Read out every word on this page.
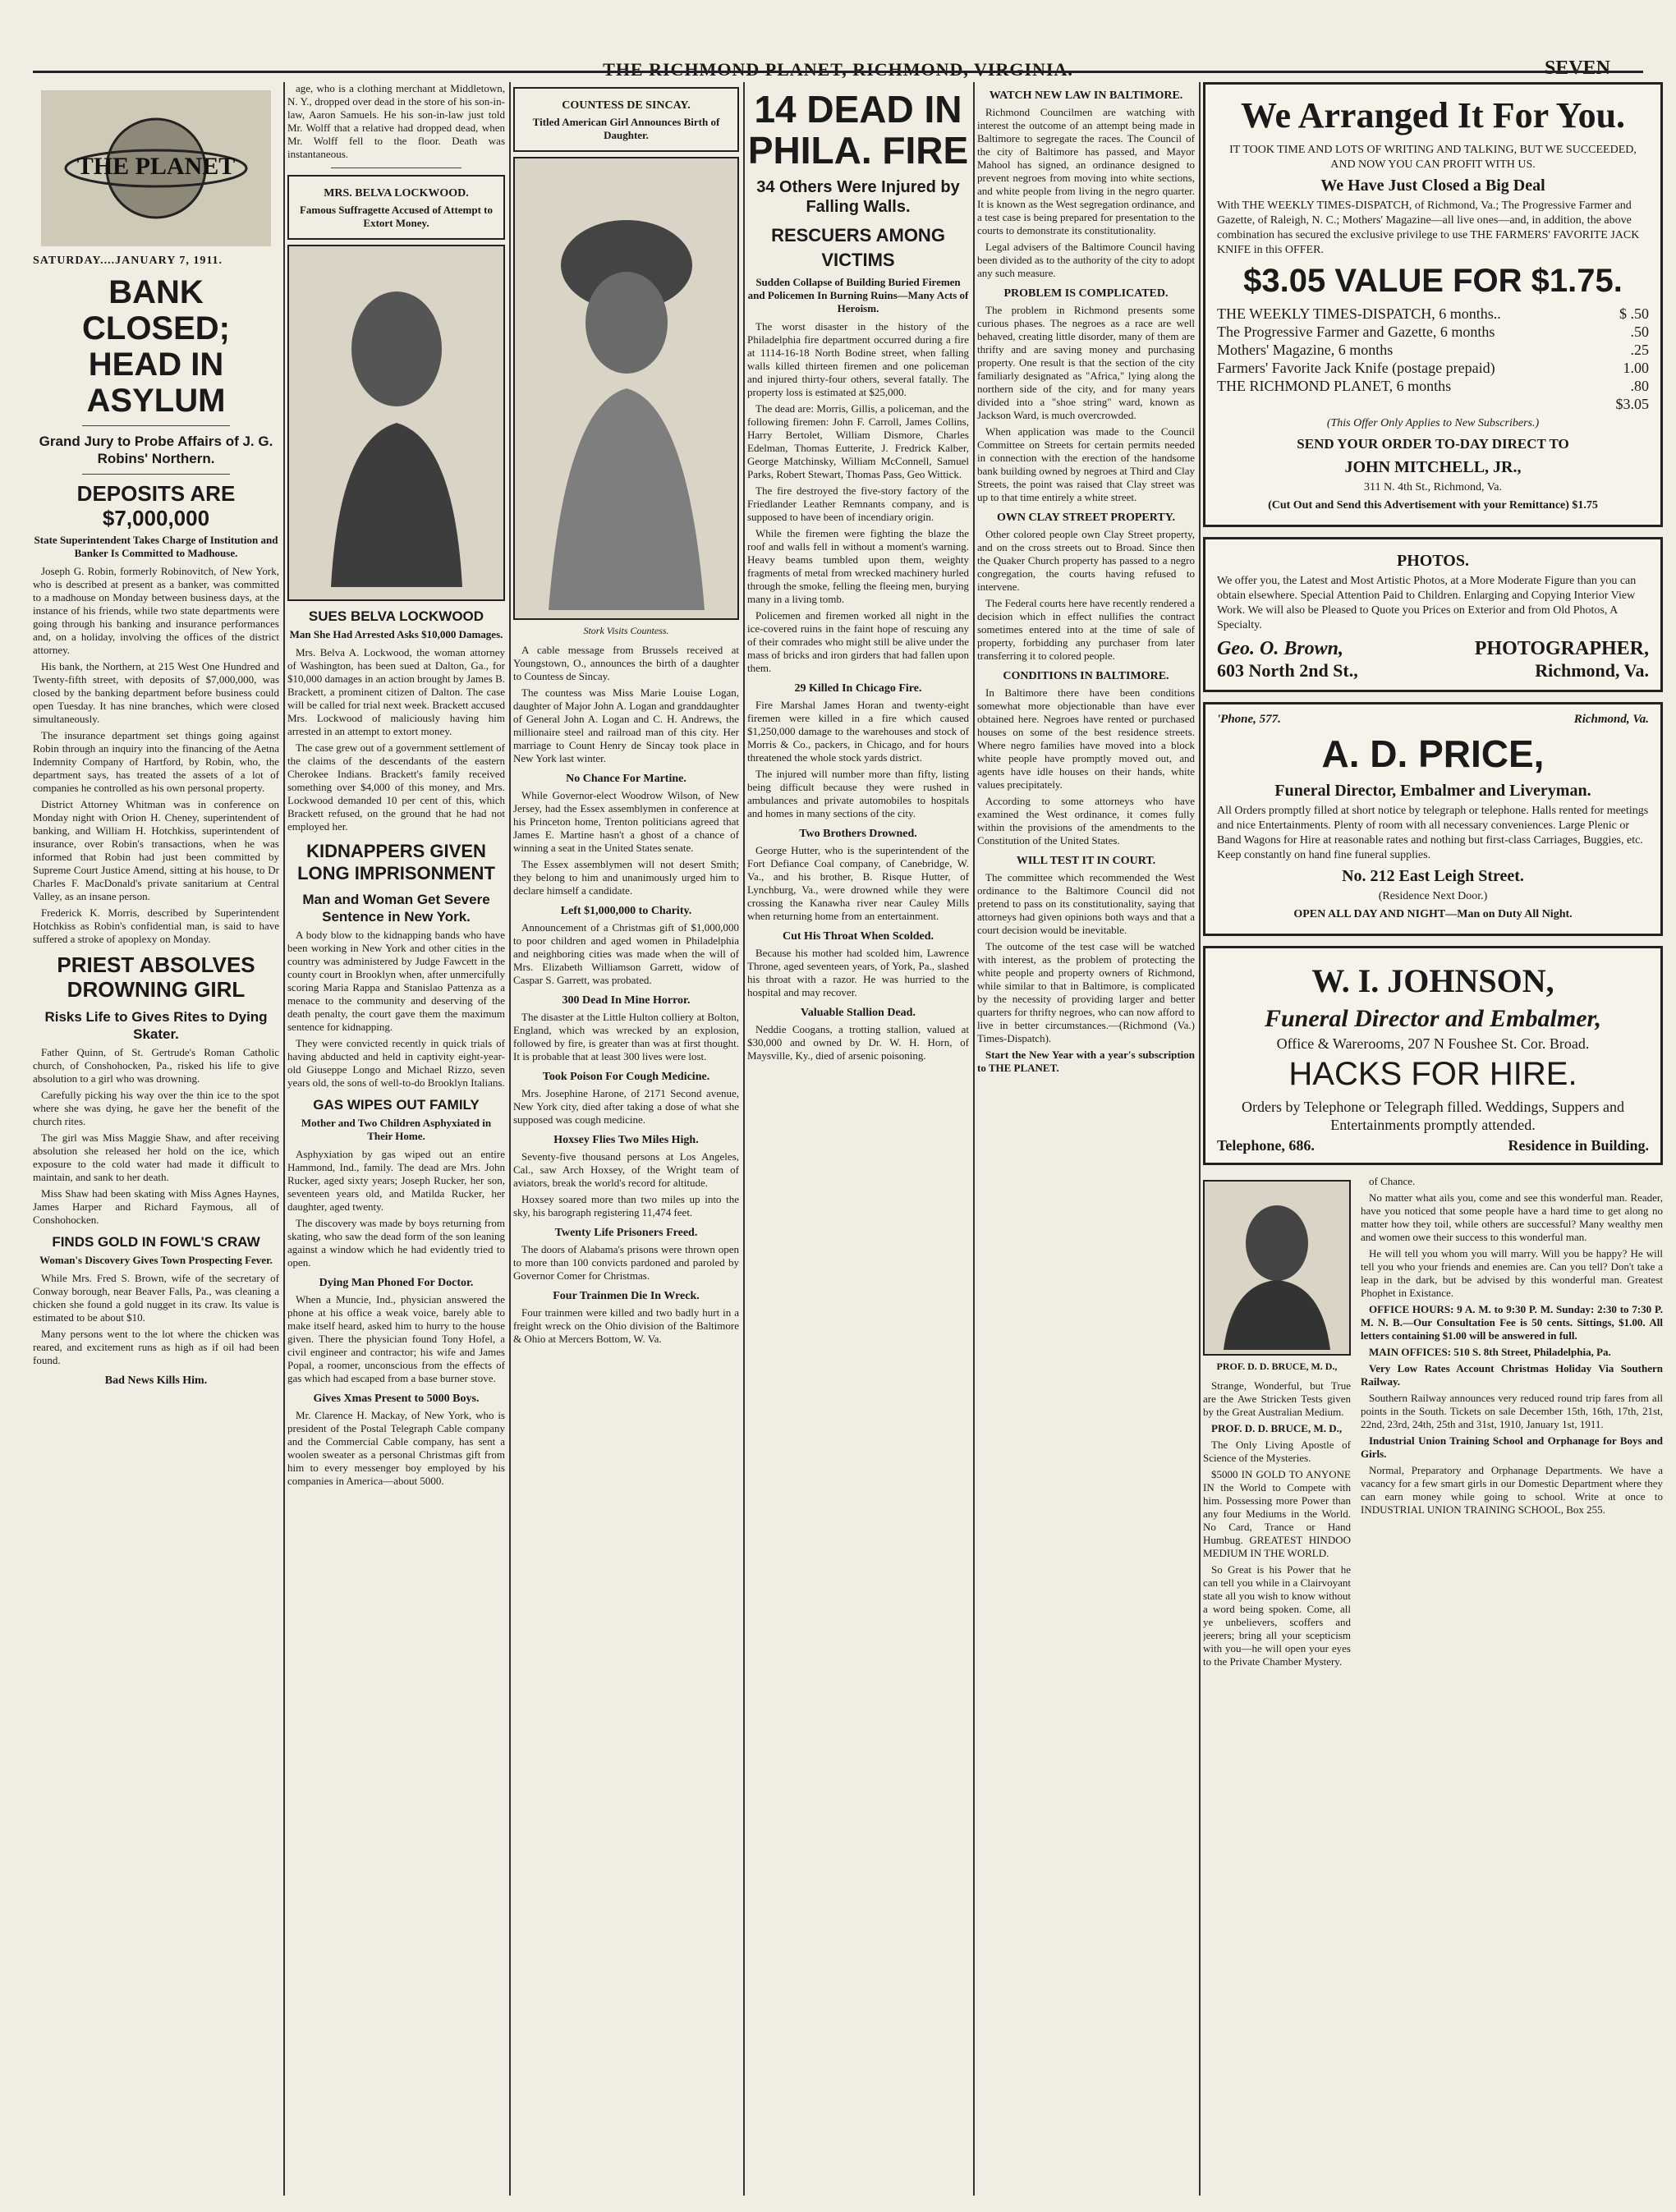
THE RICHMOND PLANET, RICHMOND, VIRGINIA.	SEVEN
THE PLANET
SATURDAY....JANUARY 7, 1911.
BANK CLOSED; HEAD IN ASYLUM
Grand Jury to Probe Affairs of J. G. Robins' Northern.
DEPOSITS ARE $7,000,000
State Superintendent Takes Charge of Institution and Banker Is Committed to Madhouse.

Joseph G. Robin, formerly Robinovitch, of New York, who is described at present as a banker, was committed to a madhouse on Monday between business days, at the instance of his friends, while two state departments were going through his banking and insurance performances and, on a holiday, involving the offices of the district attorney.

His bank, the Northern, at 215 West One Hundred and Twenty-fifth street, with deposits of $7,000,000, was closed by the banking department before business could open Tuesday. It has nine branches, which were closed simultaneously.

The insurance department set things going against Robin through an inquiry into the financing of the Aetna Indemnity Company of Hartford, by Robin, who, the department says, has treated the assets of a lot of companies he controlled as his own personal property.

District Attorney Whitman was in conference on Monday night with Orion H. Cheney, superintendent of banking, and William H. Hotchkiss, superintendent of insurance, over Robin's transactions, when he was informed that Robin had just been committed by Supreme Court Justice Amend, sitting at his house, to Dr Charles F. MacDonald's private sanitarium at Central Valley, as an insane person.

Frederick K. Morris, described by Superintendent Hotchkiss as Robin's confidential man, is said to have suffered a stroke of apoplexy on Monday.

PRIEST ABSOLVES DROWNING GIRL
Risks Life to Gives Rites to Dying Skater.

Father Quinn, of St. Gertrude's Roman Catholic church, of Conshohocken, Pa., risked his life to give absolution to a girl who was drowning.

Carefully picking his way over the thin ice to the spot where she was dying, he gave her the benefit of the church rites.

The girl was Miss Maggie Shaw, and after receiving absolution she released her hold on the ice, which exposure to the cold water had made it difficult to maintain, and sank to her death.

Miss Shaw had been skating with Miss Agnes Haynes, James Harper and Richard Faymous, all of Conshohocken.

FINDS GOLD IN FOWL'S CRAW
Woman's Discovery Gives Town Prospecting Fever.

While Mrs. Fred S. Brown, wife of the secretary of Conway borough, near Beaver Falls, Pa., was cleaning a chicken she found a gold nugget in its craw. Its value is estimated to be about $10.

Many persons went to the lot where the chicken was reared, and excitement runs as high as if oil had been found.

Bad News Kills Him.

age, who is a clothing merchant at Middletown, N. Y., dropped over dead in the store of his son-in-law, Aaron Samuels. He his son-in-law just told Mr. Wolff that a relative had dropped dead, when Mr. Wolff fell to the floor. Death was instantaneous.

MRS. BELVA LOCKWOOD.
Famous Suffragette Accused of Attempt to Extort Money.
SUES BELVA LOCKWOOD
Man She Had Arrested Asks $10,000 Damages.

Mrs. Belva A. Lockwood, the woman attorney of Washington, has been sued at Dalton, Ga., for $10,000 damages in an action brought by James B. Brackett, a prominent citizen of Dalton. The case will be called for trial next week. Brackett accused Mrs. Lockwood of maliciously having him arrested in an attempt to extort money.

The case grew out of a government settlement of the claims of the descendants of the eastern Cherokee Indians. Brackett's family received something over $4,000 of this money, and Mrs. Lockwood demanded 10 per cent of this, which Brackett refused, on the ground that he had not employed her.

KIDNAPPERS GIVEN LONG IMPRISONMENT
Man and Woman Get Severe Sentence in New York.

A body blow to the kidnapping bands who have been working in New York and other cities in the country was administered by Judge Fawcett in the county court in Brooklyn when, after unmercifully scoring Maria Rappa and Stanislao Pattenza as a menace to the community and deserving of the death penalty, the court gave them the maximum sentence for kidnapping.

They were convicted recently in quick trials of having abducted and held in captivity eight-year-old Giuseppe Longo and Michael Rizzo, seven years old, the sons of well-to-do Brooklyn Italians.

GAS WIPES OUT FAMILY
Mother and Two Children Asphyxiated in Their Home.

Asphyxiation by gas wiped out an entire Hammond, Ind., family. The dead are Mrs. John Rucker, aged sixty years; Joseph Rucker, her son, seventeen years old, and Matilda Rucker, her daughter, aged twenty.

The discovery was made by boys returning from skating, who saw the dead form of the son leaning against a window which he had evidently tried to open.

Dying Man Phoned For Doctor.

When a Muncie, Ind., physician answered the phone at his office a weak voice, barely able to make itself heard, asked him to hurry to the house given. There the physician found Tony Hofel, a civil engineer and contractor; his wife and James Popal, a roomer, unconscious from the effects of gas which had escaped from a base burner stove.

Gives Xmas Present to 5000 Boys.

Mr. Clarence H. Mackay, of New York, who is president of the Postal Telegraph Cable company and the Commercial Cable company, has sent a woolen sweater as a personal Christmas gift from him to every messenger boy employed by his companies in America—about 5000.

COUNTESS DE SINCAY.
Titled American Girl Announces Birth of Daughter.
Stork Visits Countess.

A cable message from Brussels received at Youngstown, O., announces the birth of a daughter to Countess de Sincay.

The countess was Miss Marie Louise Logan, daughter of Major John A. Logan and granddaughter of General John A. Logan and C. H. Andrews, the millionaire steel and railroad man of this city. Her marriage to Count Henry de Sincay took place in New York last winter.

No Chance For Martine.

While Governor-elect Woodrow Wilson, of New Jersey, had the Essex assemblymen in conference at his Princeton home, Trenton politicians agreed that James E. Martine hasn't a ghost of a chance of winning a seat in the United States senate.

The Essex assemblymen will not desert Smith; they belong to him and unanimously urged him to declare himself a candidate.

Left $1,000,000 to Charity.

Announcement of a Christmas gift of $1,000,000 to poor children and aged women in Philadelphia and neighboring cities was made when the will of Mrs. Elizabeth Williamson Garrett, widow of Caspar S. Garrett, was probated.

300 Dead In Mine Horror.

The disaster at the Little Hulton colliery at Bolton, England, which was wrecked by an explosion, followed by fire, is greater than was at first thought. It is probable that at least 300 lives were lost.

Took Poison For Cough Medicine.

Mrs. Josephine Harone, of 2171 Second avenue, New York city, died after taking a dose of what she supposed was cough medicine.

Hoxsey Flies Two Miles High.

Seventy-five thousand persons at Los Angeles, Cal., saw Arch Hoxsey, of the Wright team of aviators, break the world's record for altitude.

Hoxsey soared more than two miles up into the sky, his barograph registering 11,474 feet.

Twenty Life Prisoners Freed.

The doors of Alabama's prisons were thrown open to more than 100 convicts pardoned and paroled by Governor Comer for Christmas.

Four Trainmen Die In Wreck.

Four trainmen were killed and two badly hurt in a freight wreck on the Ohio division of the Baltimore & Ohio at Mercers Bottom, W. Va.

14 DEAD IN PHILA. FIRE
34 Others Were Injured by Falling Walls.
RESCUERS AMONG VICTIMS
Sudden Collapse of Building Buried Firemen and Policemen In Burning Ruins—Many Acts of Heroism.

The worst disaster in the history of the Philadelphia fire department occurred during a fire at 1114-16-18 North Bodine street, when falling walls killed thirteen firemen and one policeman and injured thirty-four others, several fatally. The property loss is estimated at $25,000.

The dead are: Morris, Gillis, a policeman, and the following firemen: John F. Carroll, James Collins, Harry Bertolet, William Dismore, Charles Edelman, Thomas Eutterite, J. Fredrick Kalber, George Matchinsky, William McConnell, Samuel Parks, Robert Stewart, Thomas Pass, Geo Wittick.

The fire destroyed the five-story factory of the Friedlander Leather Remnants company, and is supposed to have been of incendiary origin.

While the firemen were fighting the blaze the roof and walls fell in without a moment's warning. Heavy beams tumbled upon them, weighty fragments of metal from wrecked machinery hurled through the smoke, felling the fleeing men, burying many in a living tomb.

Policemen and firemen worked all night in the ice-covered ruins in the faint hope of rescuing any of their comrades who might still be alive under the mass of bricks and iron girders that had fallen upon them.

29 Killed In Chicago Fire.

Fire Marshal James Horan and twenty-eight firemen were killed in a fire which caused $1,250,000 damage to the warehouses and stock of Morris & Co., packers, in Chicago, and for hours threatened the whole stock yards district.

The injured will number more than fifty, listing being difficult because they were rushed in ambulances and private automobiles to hospitals and homes in many sections of the city.

Two Brothers Drowned.

George Hutter, who is the superintendent of the Fort Defiance Coal company, of Canebridge, W. Va., and his brother, B. Risque Hutter, of Lynchburg, Va., were drowned while they were crossing the Kanawha river near Cauley Mills when returning home from an entertainment.

Cut His Throat When Scolded.

Because his mother had scolded him, Lawrence Throne, aged seventeen years, of York, Pa., slashed his throat with a razor. He was hurried to the hospital and may recover.

Valuable Stallion Dead.

Neddie Coogans, a trotting stallion, valued at $30,000 and owned by Dr. W. H. Horn, of Maysville, Ky., died of arsenic poisoning.

WATCH NEW LAW IN BALTIMORE.

Richmond Councilmen are watching with interest the outcome of an attempt being made in Baltimore to segregate the races. The Council of the city of Baltimore has passed, and Mayor Mahool has signed, an ordinance designed to prevent negroes from moving into white sections, and white people from living in the negro quarter. It is known as the West segregation ordinance, and a test case is being prepared for presentation to the courts to demonstrate its constitutionality.

Legal advisers of the Baltimore Council having been divided as to the authority of the city to adopt any such measure.

PROBLEM IS COMPLICATED.

The problem in Richmond presents some curious phases. The negroes as a race are well behaved, creating little disorder, many of them are thrifty and are saving money and purchasing property. One result is that the section of the city familiarly designated as "Africa," lying along the northern side of the city, and for many years divided into a "shoe string" ward, known as Jackson Ward, is much overcrowded.

When application was made to the Council Committee on Streets for certain permits needed in connection with the erection of the handsome bank building owned by negroes at Third and Clay Streets, the point was raised that Clay street was up to that time entirely a white street.

OWN CLAY STREET PROPERTY.

Other colored people own Clay Street property, and on the cross streets out to Broad. Since then the Quaker Church property has passed to a negro congregation, the courts having refused to intervene.

The Federal courts here have recently rendered a decision which in effect nullifies the contract sometimes entered into at the time of sale of property, forbidding any purchaser from later transferring it to colored people.

CONDITIONS IN BALTIMORE.

In Baltimore there have been conditions somewhat more objectionable than have ever obtained here. Negroes have rented or purchased houses on some of the best residence streets. Where negro families have moved into a block white people have promptly moved out, and agents have idle houses on their hands, white values precipitately.

According to some attorneys who have examined the West ordinance, it comes fully within the provisions of the amendments to the Constitution of the United States.

WILL TEST IT IN COURT.

The committee which recommended the West ordinance to the Baltimore Council did not pretend to pass on its constitutionality, saying that attorneys had given opinions both ways and that a court decision would be inevitable.

The outcome of the test case will be watched with interest, as the problem of protecting the white people and property owners of Richmond, while similar to that in Baltimore, is complicated by the necessity of providing larger and better quarters for thrifty negroes, who can now afford to live in better circumstances.—(Richmond (Va.) Times-Dispatch).

Start the New Year with a year's subscription to THE PLANET.

We Arranged It For You.
IT TOOK TIME AND LOTS OF WRITING AND TALKING, BUT WE SUCCEEDED, AND NOW YOU CAN PROFIT WITH US.
We Have Just Closed a Big Deal
With THE WEEKLY TIMES-DISPATCH, of Richmond, Va.; The Progressive Farmer and Gazette, of Raleigh, N. C.; Mothers' Magazine—all live ones—and, in addition, the above combination has secured the exclusive privilege to use THE FARMERS' FAVORITE JACK KNIFE in this OFFER.
$3.05 VALUE FOR $1.75.
THE WEEKLY TIMES-DISPATCH, 6 months..	$ .50
The Progressive Farmer and Gazette, 6 months	.50
Mothers' Magazine, 6 months	.25
Farmers' Favorite Jack Knife (postage prepaid)	1.00
THE RICHMOND PLANET, 6 months	.80
$3.05
(This Offer Only Applies to New Subscribers.)
SEND YOUR ORDER TO-DAY DIRECT TO
JOHN MITCHELL, JR.,
311 N. 4th St., Richmond, Va.
(Cut Out and Send this Advertisement with your Remittance) $1.75
PHOTOS.
We offer you, the Latest and Most Artistic Photos, at a More Moderate Figure than you can obtain elsewhere. Special Attention Paid to Children. Enlarging and Copying Interior View Work. We will also be Pleased to Quote you Prices on Exterior and from Old Photos, A Specialty.
Geo. O. Brown,	PHOTOGRAPHER,
603 North 2nd St.,	Richmond, Va.
'Phone, 577.	Richmond, Va.
A. D. PRICE,
Funeral Director, Embalmer and Liveryman.
All Orders promptly filled at short notice by telegraph or telephone. Halls rented for meetings and nice Entertainments. Plenty of room with all necessary conveniences. Large Plenic or Band Wagons for Hire at reasonable rates and nothing but first-class Carriages, Buggies, etc. Keep constantly on hand fine funeral supplies.
No. 212 East Leigh Street.
(Residence Next Door.)
OPEN ALL DAY AND NIGHT—Man on Duty All Night.
W. I. JOHNSON,
Funeral Director and Embalmer,
Office & Warerooms, 207 N Foushee St. Cor. Broad.
HACKS FOR HIRE.
Orders by Telephone or Telegraph filled. Weddings, Suppers and Entertainments promptly attended.
Telephone, 686.	Residence in Building.
PROF. D. D. BRUCE, M. D.,

Strange, Wonderful, but True are the Awe Stricken Tests given by the Great Australian Medium.

PROF. D. D. BRUCE, M. D.,

The Only Living Apostle of Science of the Mysteries.

$5000 IN GOLD TO ANYONE IN the World to Compete with him. Possessing more Power than any four Mediums in the World. No Card, Trance or Hand Humbug. GREATEST HINDOO MEDIUM IN THE WORLD.

So Great is his Power that he can tell you while in a Clairvoyant state all you wish to know without a word being spoken. Come, all ye unbelievers, scoffers and jeerers; bring all your scepticism with you—he will open your eyes to the Private Chamber Mystery.

of Chance.

No matter what ails you, come and see this wonderful man. Reader, have you noticed that some people have a hard time to get along no matter how they toil, while others are successful? Many wealthy men and women owe their success to this wonderful man.

He will tell you whom you will marry. Will you be happy? He will tell you who your friends and enemies are. Can you tell? Don't take a leap in the dark, but be advised by this wonderful man. Greatest Phophet in Existance.

OFFICE HOURS: 9 A. M. to 9:30 P. M. Sunday: 2:30 to 7:30 P. M. N. B.—Our Consultation Fee is 50 cents. Sittings, $1.00. All letters containing $1.00 will be answered in full.

MAIN OFFICES: 510 S. 8th Street, Philadelphia, Pa.

Very Low Rates Account Christmas Holiday Via Southern Railway.

Southern Railway announces very reduced round trip fares from all points in the South. Tickets on sale December 15th, 16th, 17th, 21st, 22nd, 23rd, 24th, 25th and 31st, 1910, January 1st, 1911.

Industrial Union Training School and Orphanage for Boys and Girls.

Normal, Preparatory and Orphanage Departments. We have a vacancy for a few smart girls in our Domestic Department where they can earn money while going to school. Write at once to INDUSTRIAL UNION TRAINING SCHOOL, Box 255.
